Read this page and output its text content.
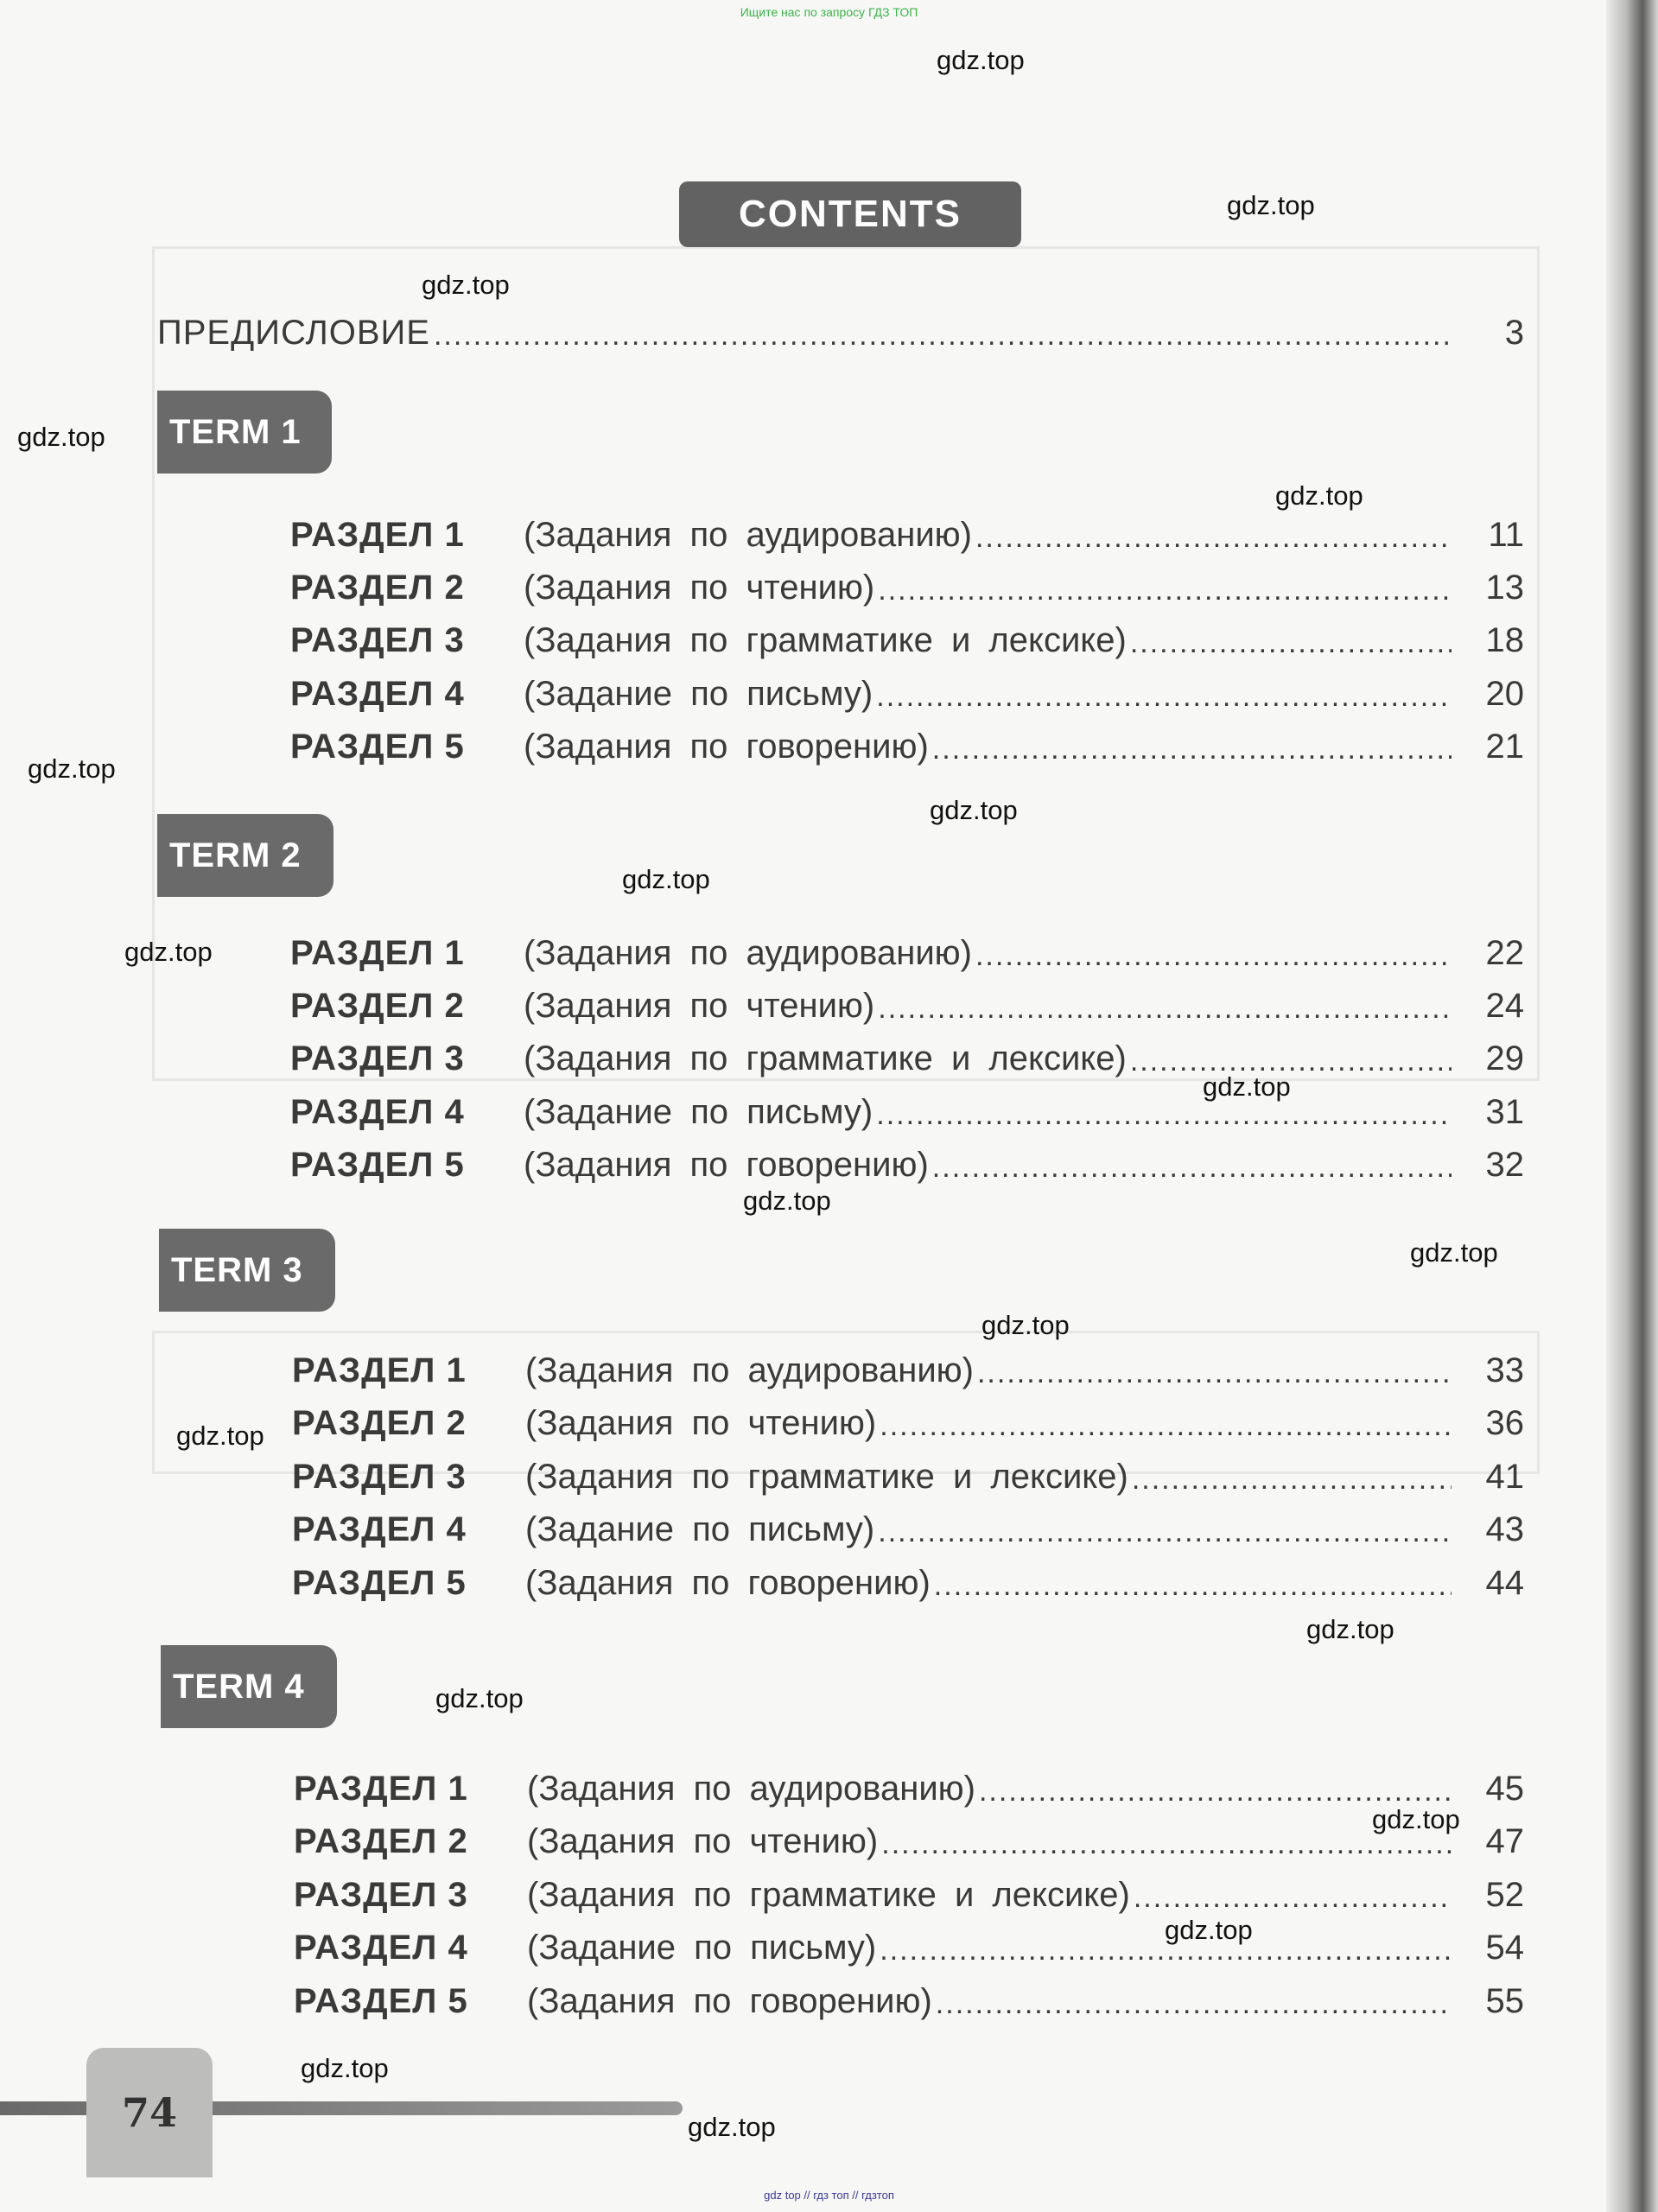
Ищите нас по запросу ГДЗ ТОП
CONTENTS
ПРЕДИСЛОВИЕ .....	3
TERM 1
РАЗДЕЛ 1	(Задания по аудированию) .....	11
РАЗДЕЛ 2	(Задания по чтению) .....	13
РАЗДЕЛ 3	(Задания по грамматике и лексике) .....	18
РАЗДЕЛ 4	(Задание по письму) .....	20
РАЗДЕЛ 5	(Задания по говорению) .....	21
TERM 2
РАЗДЕЛ 1	(Задания по аудированию) .....	22
РАЗДЕЛ 2	(Задания по чтению) .....	24
РАЗДЕЛ 3	(Задания по грамматике и лексике) .....	29
РАЗДЕЛ 4	(Задание по письму) .....	31
РАЗДЕЛ 5	(Задания по говорению) .....	32
TERM 3
РАЗДЕЛ 1	(Задания по аудированию) .....	33
РАЗДЕЛ 2	(Задания по чтению) .....	36
РАЗДЕЛ 3	(Задания по грамматике и лексике) .....	41
РАЗДЕЛ 4	(Задание по письму) .....	43
РАЗДЕЛ 5	(Задания по говорению) .....	44
TERM 4
РАЗДЕЛ 1	(Задания по аудированию) .....	45
РАЗДЕЛ 2	(Задания по чтению) .....	47
РАЗДЕЛ 3	(Задания по грамматике и лексике) .....	52
РАЗДЕЛ 4	(Задание по письму) .....	54
РАЗДЕЛ 5	(Задания по говорению) .....	55
74
gdz.top
gdz.top
gdz.top
gdz.top
gdz.top
gdz.top
gdz.top
gdz.top
gdz.top
gdz.top
gdz.top
gdz.top
gdz.top
gdz.top
gdz.top
gdz.top
gdz.top
gdz.top
gdz.top
gdz.top
gdz top // гдз топ // гдзтоп
